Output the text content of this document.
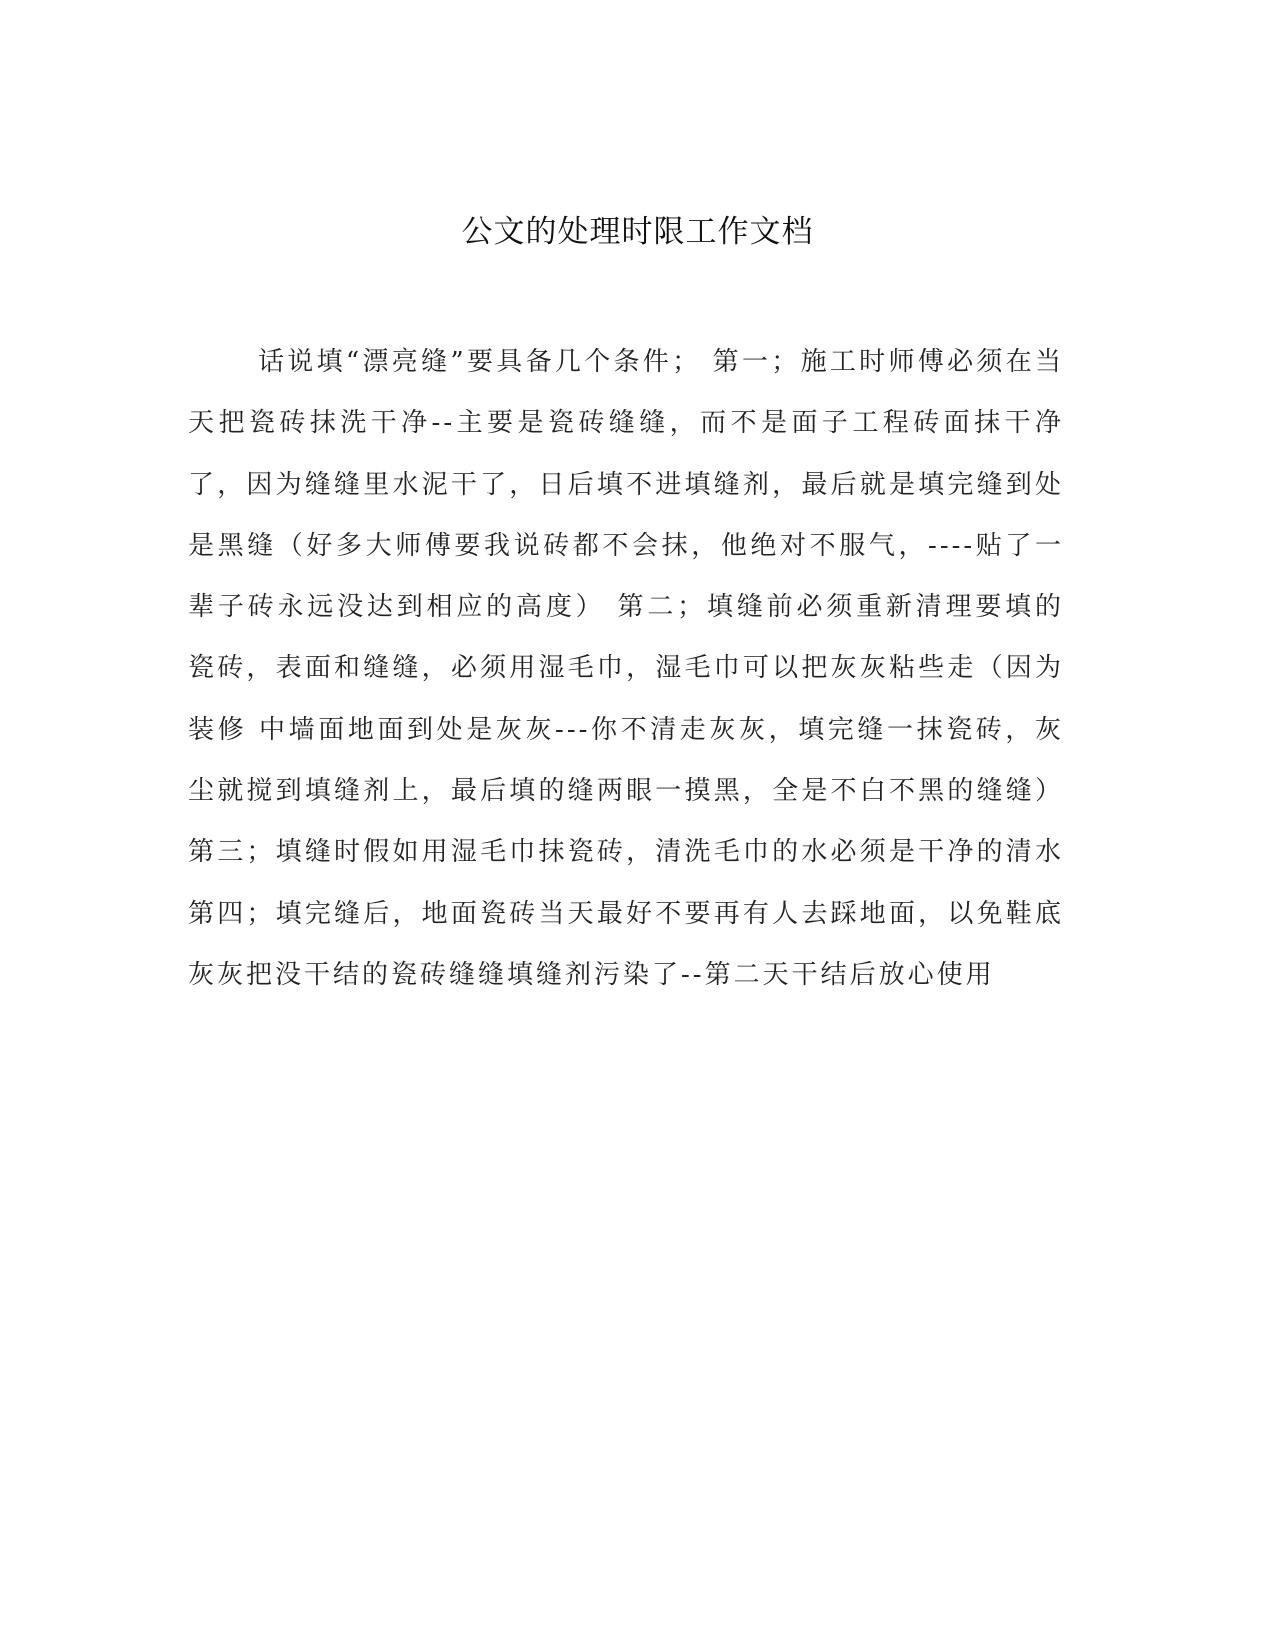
公文的处理时限工作文档

话说填“漂亮缝”要具备几个条件； 第一；施工时师傅必须在当天把瓷砖抹洗干净--主要是瓷砖缝缝，而不是面子工程砖面抹干净了，因为缝缝里水泥干了，日后填不进填缝剂，最后就是填完缝到处是黑缝（好多大师傅要我说砖都不会抹，他绝对不服气，----贴了一辈子砖永远没达到相应的高度） 第二；填缝前必须重新清理要填的瓷砖，表面和缝缝，必须用湿毛巾，湿毛巾可以把灰灰粘些走（因为装修 中墙面地面到处是灰灰---你不清走灰灰，填完缝一抹瓷砖，灰尘就搅到填缝剂上，最后填的缝两眼一摸黑，全是不白不黑的缝缝） 第三；填缝时假如用湿毛巾抹瓷砖，清洗毛巾的水必须是干净的清水 第四；填完缝后，地面瓷砖当天最好不要再有人去踩地面，以免鞋底灰灰把没干结的瓷砖缝缝填缝剂污染了--第二天干结后放心使用
